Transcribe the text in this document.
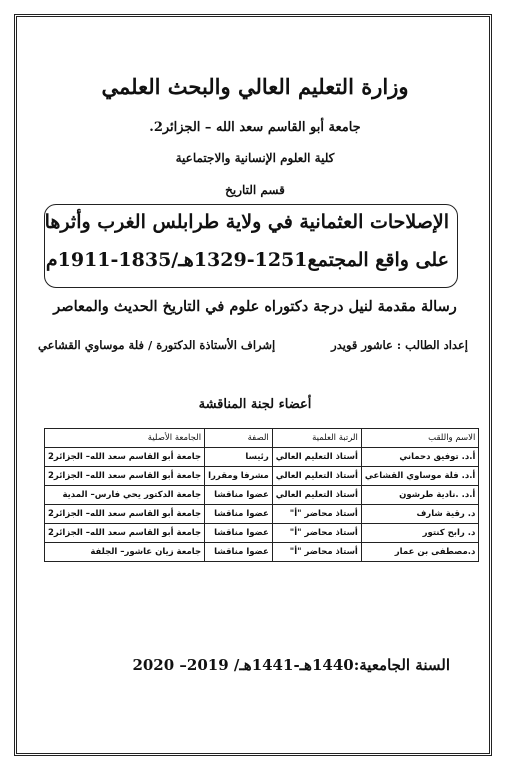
وزارة التعليم العالي والبحث العلمي
جامعة أبو القاسم سعد الله – الجزائر2.
كلية العلوم الإنسانية والاجتماعية
قسم التاريخ
الإصلاحات العثمانية في ولاية طرابلس الغرب وأثرها
على واقع المجتمع1251-1329هـ/1835-1911م
رسالة مقدمة لنيل درجة دكتوراه علوم في التاريخ الحديث والمعاصر
إعداد الطالب : عاشور قويدر
إشراف الأستاذة الدكتورة / فلة موساوي القشاعي
أعضاء لجنة المناقشة
الاسم واللقب	الرتبة العلمية	الصفة	الجامعة الأصلية
أ.د. توفيق دحماني	أستاذ التعليم العالي	رئيسا	جامعة أبو القاسم سعد الله– الجزائر2
أ.د. فلة موساوي القشاعي	أستاذ التعليم العالي	مشرفا ومقررا	جامعة أبو القاسم سعد الله– الجزائر2
أ.د. .نادية طرشون	أستاذ التعليم العالي	عضوا مناقشا	جامعة الدكتور يحي فارس– المدية
د. رقية شارف	أستاذ محاضر "أ"	عضوا مناقشا	جامعة أبو القاسم سعد الله– الجزائر2
د. رابح كنتور	أستاذ محاضر "أ"	عضوا مناقشا	جامعة أبو القاسم سعد الله– الجزائر2
د.مصطفى بن عمار	أستاذ محاضر "أ"	عضوا مناقشا	جامعة زيان عاشور– الجلفة
السنة الجامعية:1440هـ-1441هـ/ 2019– 2020
